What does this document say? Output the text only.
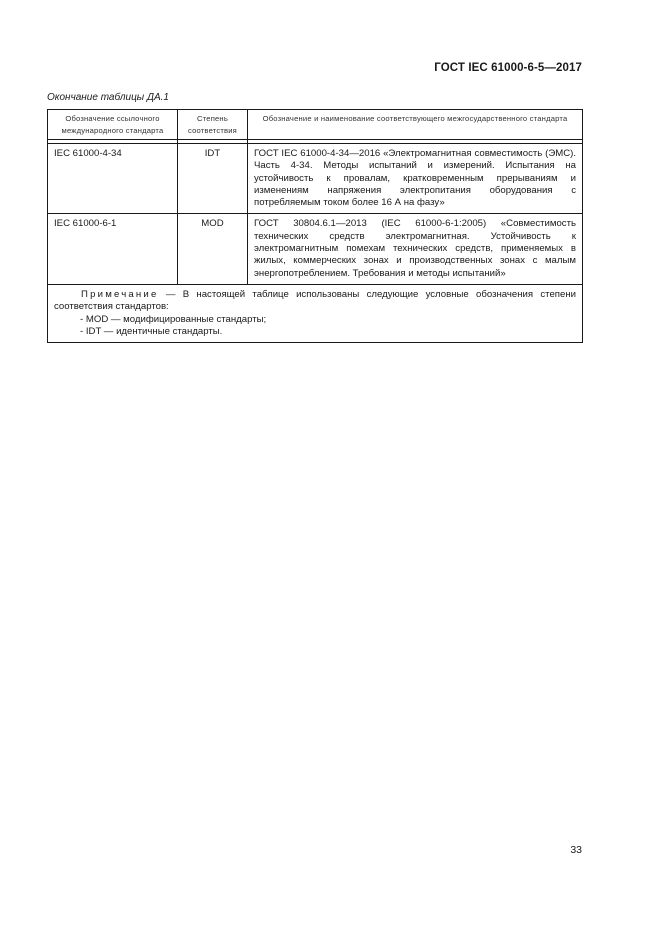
ГОСТ IEC 61000-6-5—2017
Окончание таблицы ДА.1
Обозначение ссылочного международного стандарта	Степень соответствия	Обозначение и наименование соответствующего межгосударственного стандарта

IEC 61000-4-34	IDT	ГОСТ IEC 61000-4-34—2016 «Электромагнитная совместимость (ЭМС). Часть 4-34. Методы испытаний и измерений. Испытания на устойчивость к провалам, кратковременным прерываниям и изменениям напряжения электропитания оборудования с потребляемым током более 16 А на фазу»
IEC 61000-6-1	MOD	ГОСТ 30804.6.1—2013 (IEC 61000-6-1:2005) «Совместимость технических средств электромагнитная. Устойчивость к электромагнитным помехам технических средств, применяемых в жилых, коммерческих зонах и производственных зонах с малым энергопотреблением. Требования и методы испытаний»

Примечание — В настоящей таблице использованы следующие условные обозначения степени соответствия стандартов:
- MOD — модифицированные стандарты;
- IDT — идентичные стандарты.		
33
